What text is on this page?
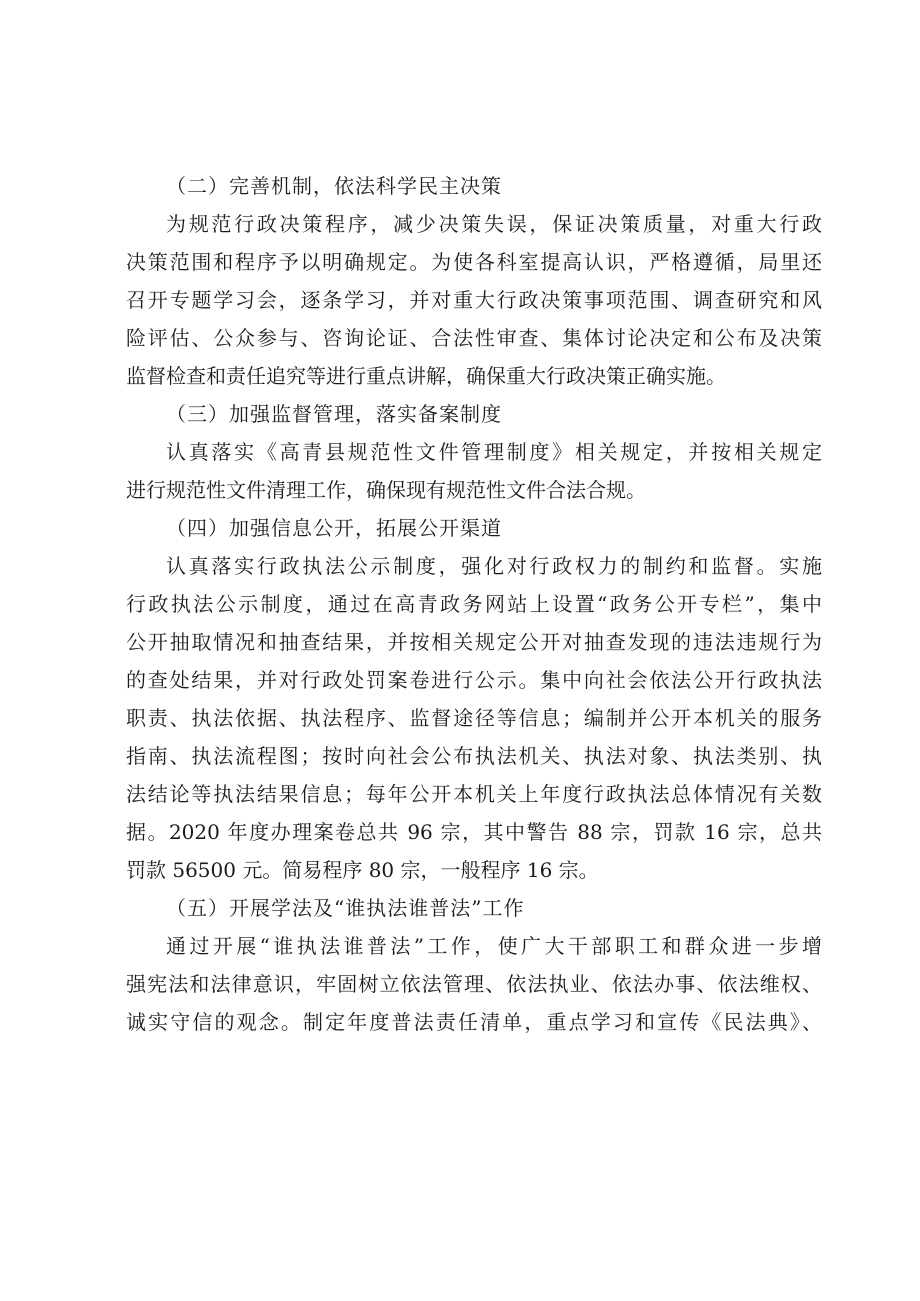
（二）完善机制，依法科学民主决策
为规范行政决策程序，减少决策失误，保证决策质量，对重大行政
决策范围和程序予以明确规定。为使各科室提高认识，严格遵循，局里还
召开专题学习会，逐条学习，并对重大行政决策事项范围、调查研究和风
险评估、公众参与、咨询论证、合法性审查、集体讨论决定和公布及决策
监督检查和责任追究等进行重点讲解，确保重大行政决策正确实施。
（三）加强监督管理，落实备案制度
认真落实《高青县规范性文件管理制度》相关规定，并按相关规定
进行规范性文件清理工作，确保现有规范性文件合法合规。
（四）加强信息公开，拓展公开渠道
认真落实行政执法公示制度，强化对行政权力的制约和监督。实施
行政执法公示制度，通过在高青政务网站上设置“政务公开专栏”，集中
公开抽取情况和抽查结果，并按相关规定公开对抽查发现的违法违规行为
的查处结果，并对行政处罚案卷进行公示。集中向社会依法公开行政执法
职责、执法依据、执法程序、监督途径等信息；编制并公开本机关的服务
指南、执法流程图；按时向社会公布执法机关、执法对象、执法类别、执
法结论等执法结果信息；每年公开本机关上年度行政执法总体情况有关数
据。2020 年度办理案卷总共 96 宗，其中警告 88 宗，罚款 16 宗，总共
罚款 56500 元。简易程序 80 宗，一般程序 16 宗。
（五）开展学法及“谁执法谁普法”工作
通过开展“谁执法谁普法”工作，使广大干部职工和群众进一步增
强宪法和法律意识，牢固树立依法管理、依法执业、依法办事、依法维权、
诚实守信的观念。制定年度普法责任清单，重点学习和宣传《民法典》、
